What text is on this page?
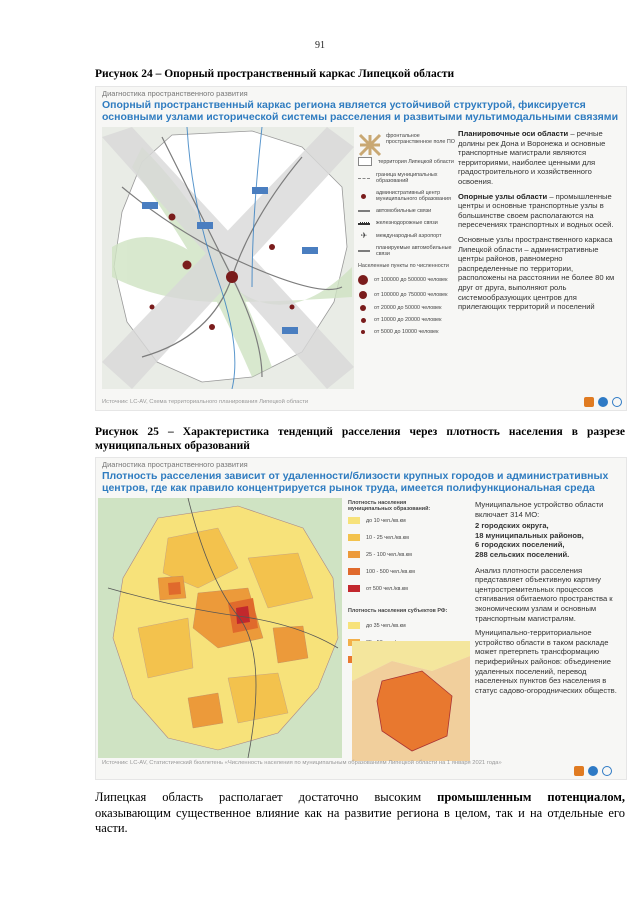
91
Рисунок 24 – Опорный пространственный каркас Липецкой области
Диагностика пространственного развития
Опорный пространственный каркас региона является устойчивой структурой, фиксируется основными узлами исторической системы расселения и развитыми мультимодальными связями
фронтальное пространственное поле ПО
территория Липецкой области
граница муниципальных образований
административный центр муниципального образования
автомобильные связи
железнодорожные связи
✈	международный аэропорт
планируемые автомобильные связи
Населенные пункты по численности
от 100000 до 500000 человек
от 100000 до 750000 человек
от 20000 до 50000 человек
от 10000 до 20000 человек
от 5000 до 10000 человек

Планировочные оси области – речные долины рек Дона и Воронежа и основные транспортные магистрали являются территориями, наиболее ценными для градостроительного и хозяйственного освоения.

Опорные узлы области – промышленные центры и основные транспортные узлы в большинстве своем располагаются на пересечениях транспортных и водных осей.

Основные узлы пространственного каркаса Липецкой области – административные центры районов, равномерно распределенные по территории, расположены на расстоянии не более 80 км друг от друга, выполняют роль системообразующих центров для прилегающих территорий и поселений

Источник: LC-AV, Схема территориального планирования Липецкой области
Рисунок 25 – Характеристика тенденций расселения через плотность населения в разрезе муниципальных образований
Диагностика пространственного развития
Плотность расселения зависит от удаленности/близости крупных городов и административных центров, где как правило концентрируется рынок труда, имеется полифункциональная среда
Плотность населения муниципальных образований:
до 10 чел./кв.км
10 - 25 чел./кв.км
25 - 100 чел./кв.км
100 - 500 чел./кв.км
от 500 чел./кв.км
Плотность населения субъектов РФ:
до 35 чел./кв.км

Муниципальное устройство области включает 314 МО:

2 городских округа,

18 муниципальных районов,

6 городских поселений,

288 сельских поселений.

Анализ плотности расселения представляет объективную картину центростремительных процессов стягивания обитаемого пространства к экономическим узлам и основным транспортным магистралям.

Муниципально-территориальное устройство области в таком раскладе может претерпеть трансформацию периферийных районов: объединение удаленных поселений, перевод населенных пунктов без населения в статус садово-огороднических обществ.

Источник: LC-AV, Статистический бюллетень «Численность населения по муниципальным образованиям Липецкой области на 1 января 2021 года»
Липецкая область располагает достаточно высоким промышленным потенциалом, оказывающим существенное влияние как на развитие региона в целом, так и на отдельные его части.
